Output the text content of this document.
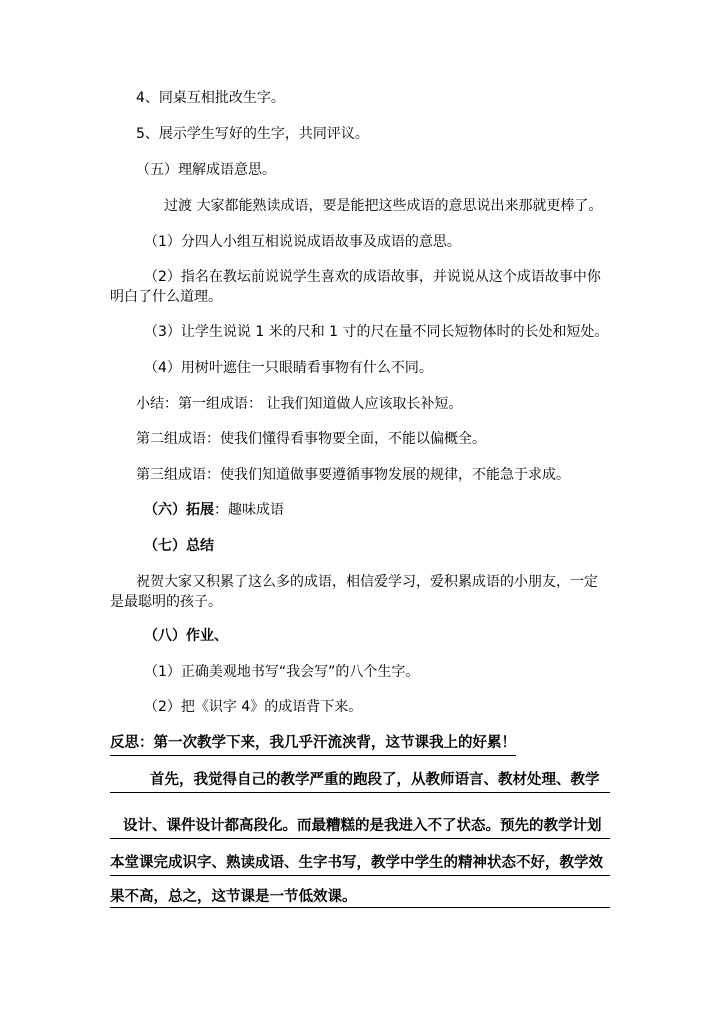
4、同桌互相批改生字。
5、展示学生写好的生字，共同评议。
（五）理解成语意思。
过渡 大家都能熟读成语，要是能把这些成语的意思说出来那就更棒了。
（1）分四人小组互相说说成语故事及成语的意思。
（2）指名在教坛前说说学生喜欢的成语故事，并说说从这个成语故事中你
明白了什么道理。
（3）让学生说说 1 米的尺和 1 寸的尺在量不同长短物体时的长处和短处。
（4）用树叶遮住一只眼睛看事物有什么不同。
小结：第一组成语： 让我们知道做人应该取长补短。
第二组成语：使我们懂得看事物要全面，不能以偏概全。
第三组成语：使我们知道做事要遵循事物发展的规律，不能急于求成。
（六）拓展：趣味成语
（七）总结
祝贺大家又积累了这么多的成语，相信爱学习，爱积累成语的小朋友，一定
是最聪明的孩子。
（八）作业、
（1）正确美观地书写“我会写”的八个生字。
（2）把《识字 4》的成语背下来。
反思：第一次教学下来，我几乎汗流浃背，这节课我上的好累！
首先，我觉得自己的教学严重的跑段了，从教师语言、教材处理、教学
设计、课件设计都高段化。而最糟糕的是我进入不了状态。预先的教学计划
本堂课完成识字、熟读成语、生字书写，教学中学生的精神状态不好，教学效
果不高，总之，这节课是一节低效课。
